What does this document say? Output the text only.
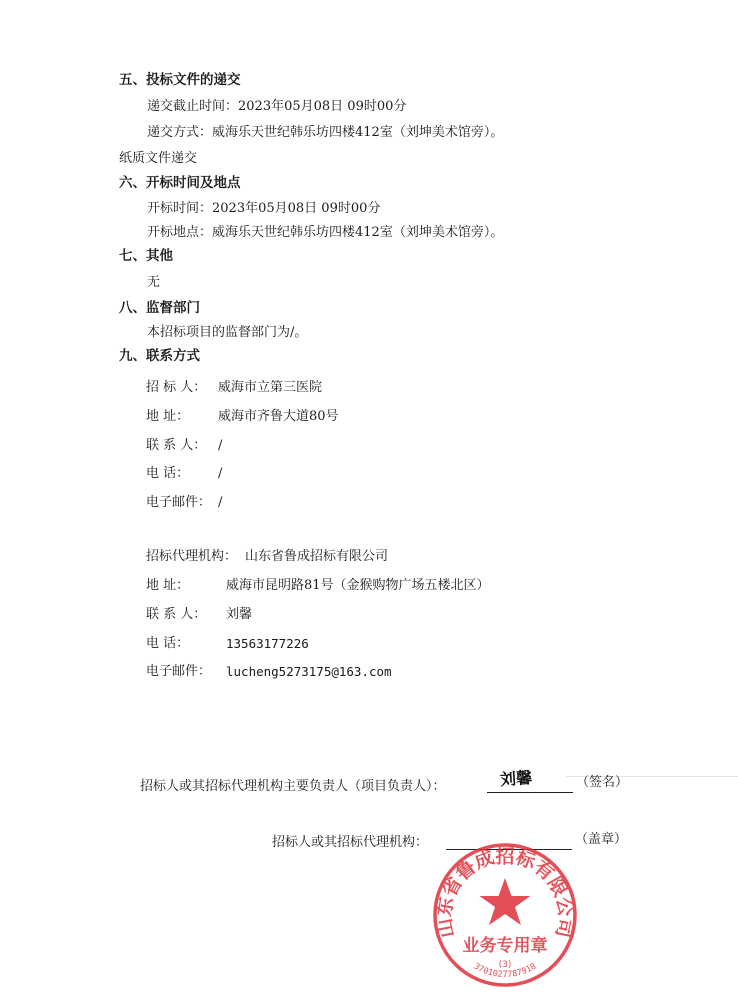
五、投标文件的递交
递交截止时间：2023年05月08日 09时00分
递交方式：威海乐天世纪韩乐坊四楼412室（刘坤美术馆旁）。
纸质文件递交
六、开标时间及地点
开标时间：2023年05月08日 09时00分
开标地点：威海乐天世纪韩乐坊四楼412室（刘坤美术馆旁）。
七、其他
无
八、监督部门
本招标项目的监督部门为/。
九、联系方式
招 标 人： 威海市立第三医院
地 址： 威海市齐鲁大道80号
联 系 人： /
电 话： /
电子邮件： /
招标代理机构： 山东省鲁成招标有限公司
地 址：	威海市昆明路81号（金猴购物广场五楼北区）
联 系 人： 刘馨
电 话：	13563177226
电子邮件： lucheng5273175@163.com
招标人或其招标代理机构主要负责人（项目负责人）：	刘馨	（签名）
招标人或其招标代理机构：	（盖章）
山东省鲁成招标有限公司
业务专用章
(3)
3701027787918
